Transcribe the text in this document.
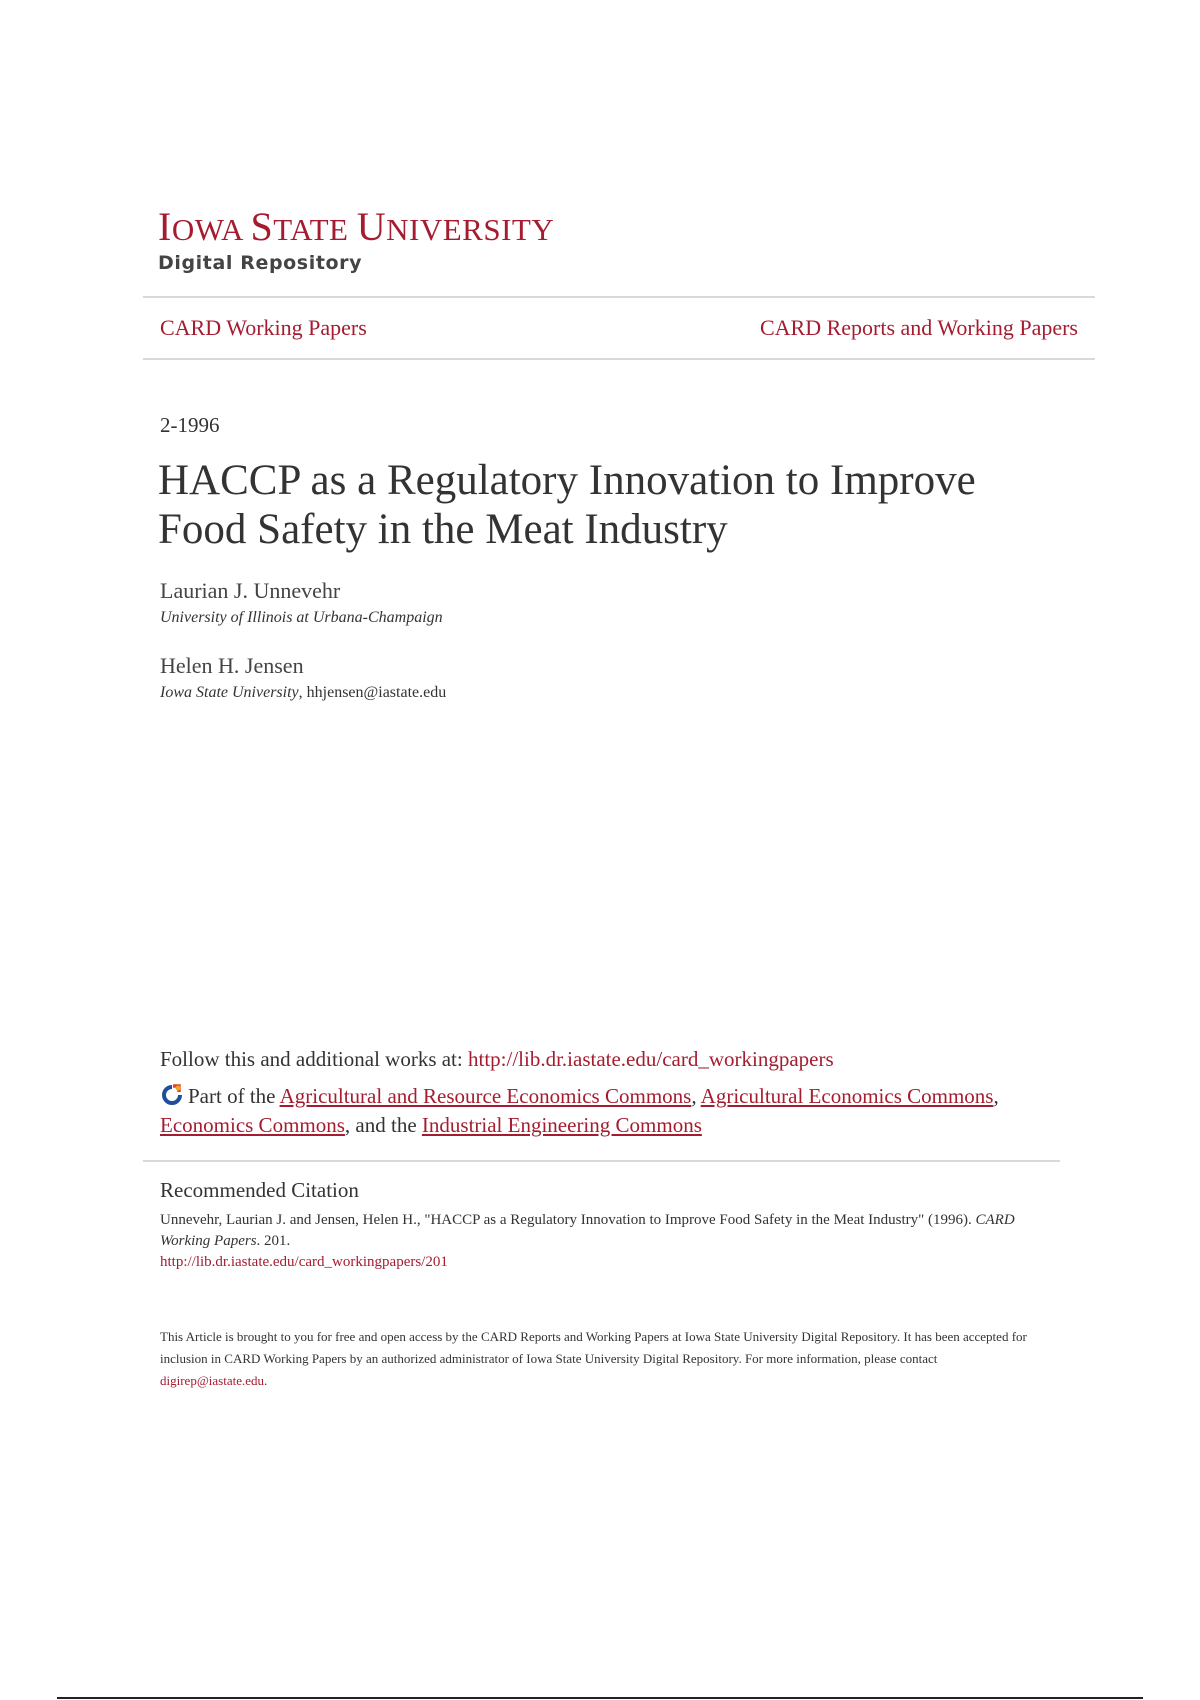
IOWA STATE UNIVERSITY
Digital Repository
CARD Working Papers	CARD Reports and Working Papers
2-1996
HACCP as a Regulatory Innovation to Improve Food Safety in the Meat Industry
Laurian J. Unnevehr
University of Illinois at Urbana-Champaign
Helen H. Jensen
Iowa State University, hhjensen@iastate.edu
Follow this and additional works at: http://lib.dr.iastate.edu/card_workingpapers
Part of the Agricultural and Resource Economics Commons, Agricultural Economics Commons,
Economics Commons, and the Industrial Engineering Commons
Recommended Citation
Unnevehr, Laurian J. and Jensen, Helen H., "HACCP as a Regulatory Innovation to Improve Food Safety in the Meat Industry" (1996). CARD Working Papers. 201.
http://lib.dr.iastate.edu/card_workingpapers/201
This Article is brought to you for free and open access by the CARD Reports and Working Papers at Iowa State University Digital Repository. It has been accepted for inclusion in CARD Working Papers by an authorized administrator of Iowa State University Digital Repository. For more information, please contact digirep@iastate.edu.
